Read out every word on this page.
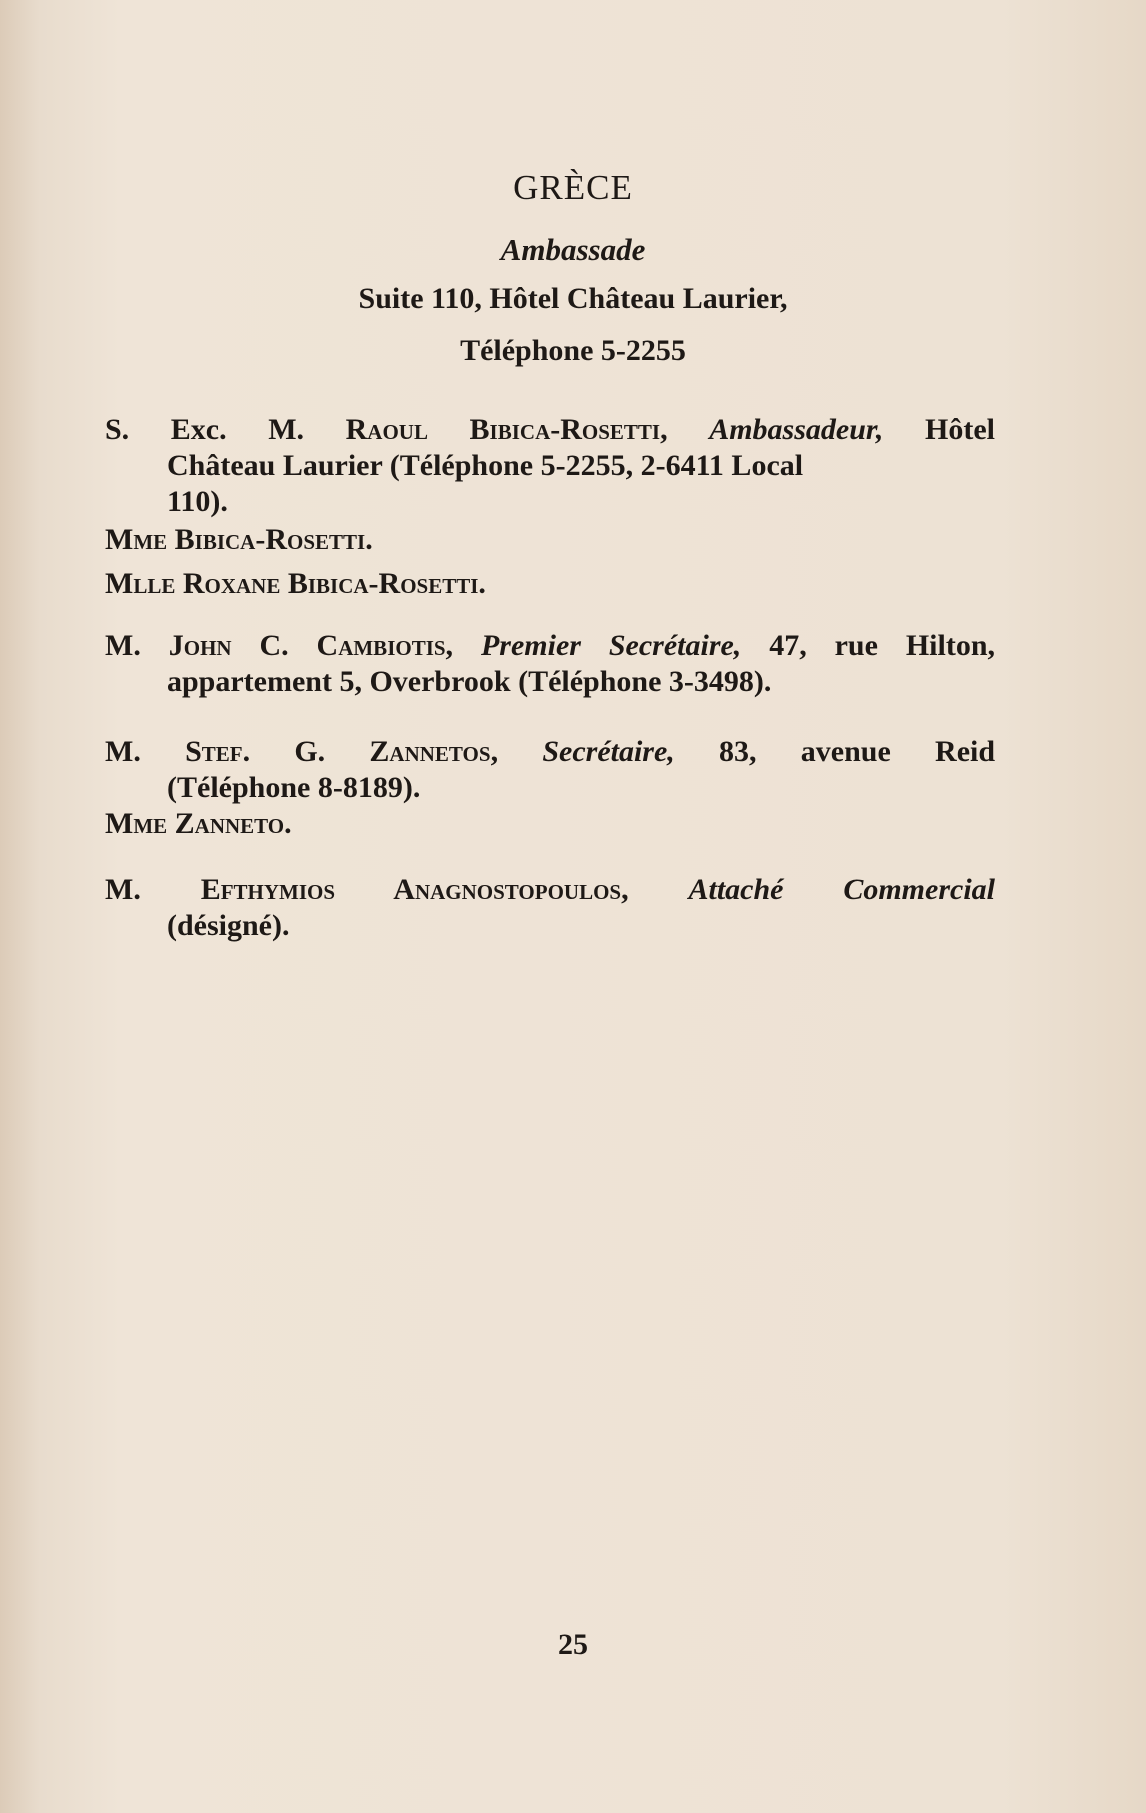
GRÈCE
Ambassade
Suite 110, Hôtel Château Laurier,
Téléphone 5-2255
S. Exc. M. Raoul Bibica-Rosetti, Ambassadeur, Hôtel
Château Laurier (Téléphone 5-2255, 2-6411 Local
110).
Mme Bibica-Rosetti.
Mlle Roxane Bibica-Rosetti.
M. John C. Cambiotis, Premier Secrétaire, 47, rue Hilton,
appartement 5, Overbrook (Téléphone 3-3498).
M. Stef. G. Zannetos, Secrétaire, 83, avenue Reid
(Téléphone 8-8189).
Mme Zanneto.
M. Efthymios Anagnostopoulos, Attaché Commercial
(désigné).
25
